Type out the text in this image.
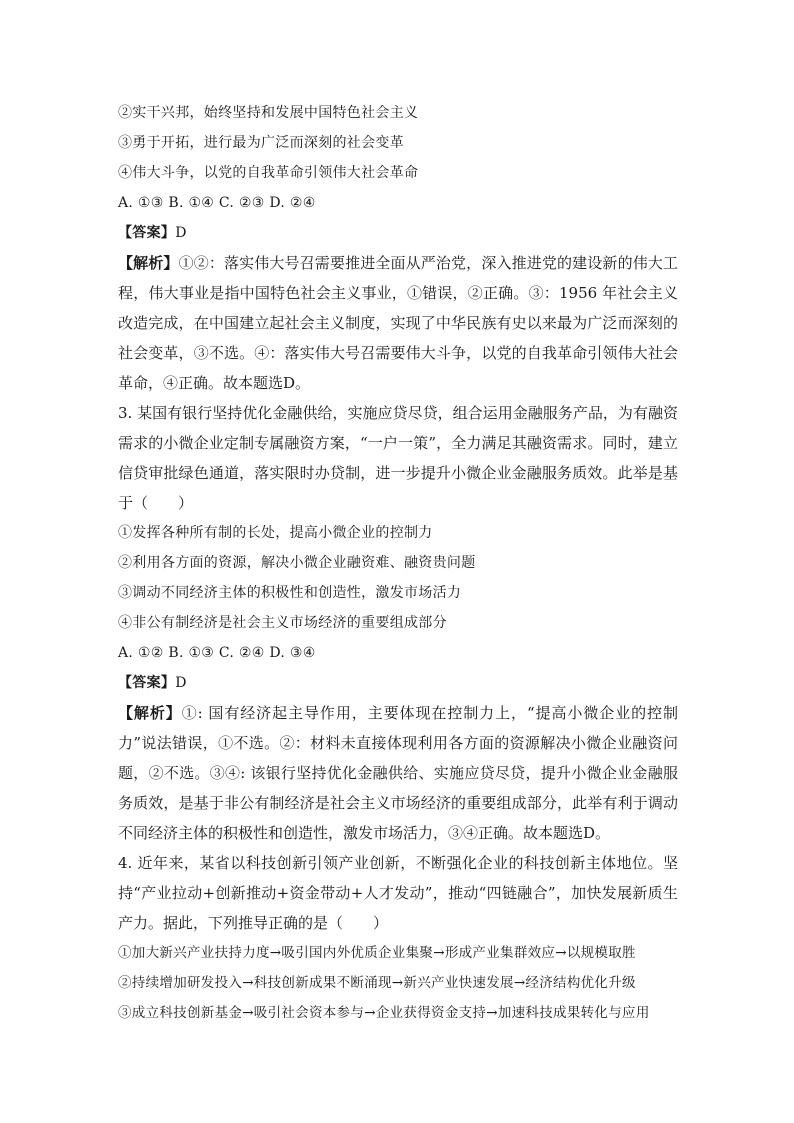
②实干兴邦，始终坚持和发展中国特色社会主义
③勇于开拓，进行最为广泛而深刻的社会变革
④伟大斗争，以党的自我革命引领伟大社会革命
A. ①③ B. ①④ C. ②③ D. ②④
【答案】D
【解析】①②：落实伟大号召需要推进全面从严治党，深入推进党的建设新的伟大工程，伟大事业是指中国特色社会主义事业，①错误，②正确。③：1956 年社会主义改造完成，在中国建立起社会主义制度，实现了中华民族有史以来最为广泛而深刻的社会变革，③不选。④：落实伟大号召需要伟大斗争，以党的自我革命引领伟大社会革命，④正确。故本题选D。
3. 某国有银行坚持优化金融供给，实施应贷尽贷，组合运用金融服务产品，为有融资需求的小微企业定制专属融资方案，“一户一策”，全力满足其融资需求。同时，建立信贷审批绿色通道，落实限时办贷制，进一步提升小微企业金融服务质效。此举是基于（　　）
①发挥各种所有制的长处，提高小微企业的控制力
②利用各方面的资源，解决小微企业融资难、融资贵问题
③调动不同经济主体的积极性和创造性，激发市场活力
④非公有制经济是社会主义市场经济的重要组成部分
A. ①② B. ①③ C. ②④ D. ③④
【答案】D
【解析】①: 国有经济起主导作用，主要体现在控制力上，“提高小微企业的控制力”说法错误，①不选。②：材料未直接体现利用各方面的资源解决小微企业融资问题，②不选。③④: 该银行坚持优化金融供给、实施应贷尽贷，提升小微企业金融服务质效，是基于非公有制经济是社会主义市场经济的重要组成部分，此举有利于调动不同经济主体的积极性和创造性，激发市场活力，③④正确。故本题选D。
4. 近年来，某省以科技创新引领产业创新，不断强化企业的科技创新主体地位。坚持“产业拉动+创新推动+资金带动+人才发动”，推动“四链融合”，加快发展新质生产力。据此，下列推导正确的是（　　）
①加大新兴产业扶持力度→吸引国内外优质企业集聚→形成产业集群效应→以规模取胜
②持续增加研发投入→科技创新成果不断涌现→新兴产业快速发展→经济结构优化升级
③成立科技创新基金→吸引社会资本参与→企业获得资金支持→加速科技成果转化与应用
